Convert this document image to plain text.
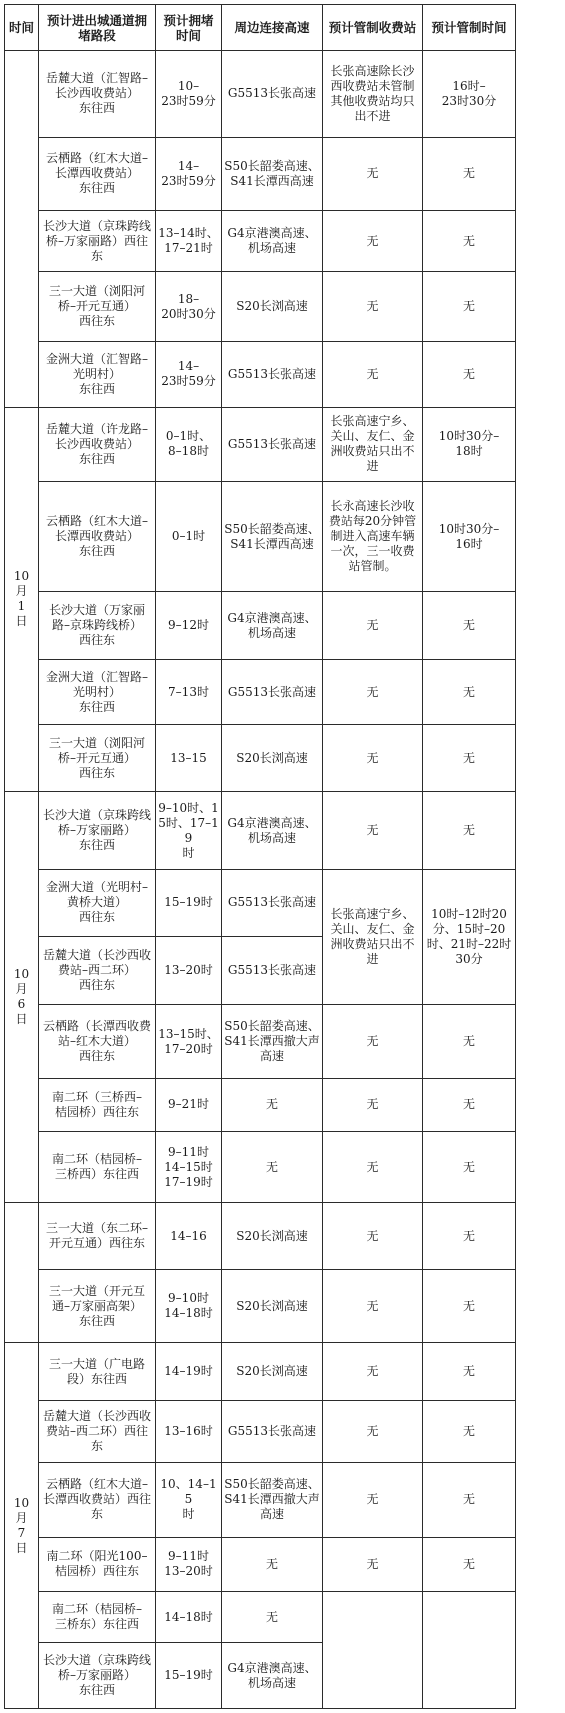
时间	预计进出城通道拥堵路段	预计拥堵时间	周边连接高速	预计管制收费站	预计管制时间

	岳麓大道（汇智路–
长沙西收费站）
东往西	10–
23时59分	G5513长张高速	长张高速除长沙西收费站未管制其他收费站均只出不进	16时–
23时30分

	云栖路（红木大道–
长潭西收费站）
东往西	14–
23时59分	S50长韶娄高速、S41长潭西高速	无	无

	长沙大道（京珠跨线桥–万家丽路）西往东	13–14时、
17–21时	G4京港澳高速、机场高速	无	无

	三一大道（浏阳河桥–开元互通）
西往东	18–
20时30分	S20长浏高速	无	无

	金洲大道（汇智路–
光明村）
东往西	14–
23时59分	G5513长张高速	无	无

10
月
1
日	岳麓大道（许龙路–长沙西收费站）
东往西	0–1时、
8–18时	G5513长张高速	长张高速宁乡、关山、友仁、金洲收费站只出不进	10时30分–
18时

	云栖路（红木大道–长潭西收费站）
东往西	0–1时	S50长韶娄高速、S41长潭西高速	长永高速长沙收费站每20分钟管制进入高速车辆一次，三一收费站管制。	10时30分–
16时

	长沙大道（万家丽路–京珠跨线桥）
西往东	9–12时	G4京港澳高速、机场高速	无	无

	金洲大道（汇智路–
光明村）
东往西	7–13时	G5513长张高速	无	无

	三一大道（浏阳河桥–开元互通）
西往东	13–15	S20长浏高速	无	无

10
月
6
日	长沙大道（京珠跨线桥–万家丽路）
东往西	9–10时、15时、17–19
时	G4京港澳高速、机场高速	无	无

	金洲大道（光明村–黄桥大道）
西往东	15–19时	G5513长张高速	长张高速宁乡、关山、友仁、金洲收费站只出不进	10时–12时20分、15时–20时、21时–22时30分

	岳麓大道（长沙西收费站–西二环）
西往东	13–20时	G5513长张高速		

	云栖路（长潭西收费站–红木大道）
西往东	13–15时、
17–20时	S50长韶娄高速、S41长潭西撤大声高速	无	无

	南二环（三桥西–
桔园桥）西往东	9–21时	无	无	无

	南二环（桔园桥–
三桥西）东往西	9–11时
14–15时
17–19时	无	无	无

	三一大道（东二环–开元互通）西往东	14–16	S20长浏高速	无	无

	三一大道（开元互通–万家丽高架）
东往西	9–10时
14–18时	S20长浏高速	无	无

10
月
7
日	三一大道（广电路段）东往西	14–19时	S20长浏高速	无	无

	岳麓大道（长沙西收费站–西二环）西往东	13–16时	G5513长张高速	无	无

	云栖路（红木大道–长潭西收费站）西往东	10、14–15
时	S50长韶娄高速、S41长潭西撤大声高速	无	无

	南二环（阳光100–桔园桥）西往东	9–11时
13–20时	无	无	无

	南二环（桔园桥–
三桥东）东往西	14–18时	无		

	长沙大道（京珠跨线桥–万家丽路）
东往西	15–19时	G4京港澳高速、机场高速		
